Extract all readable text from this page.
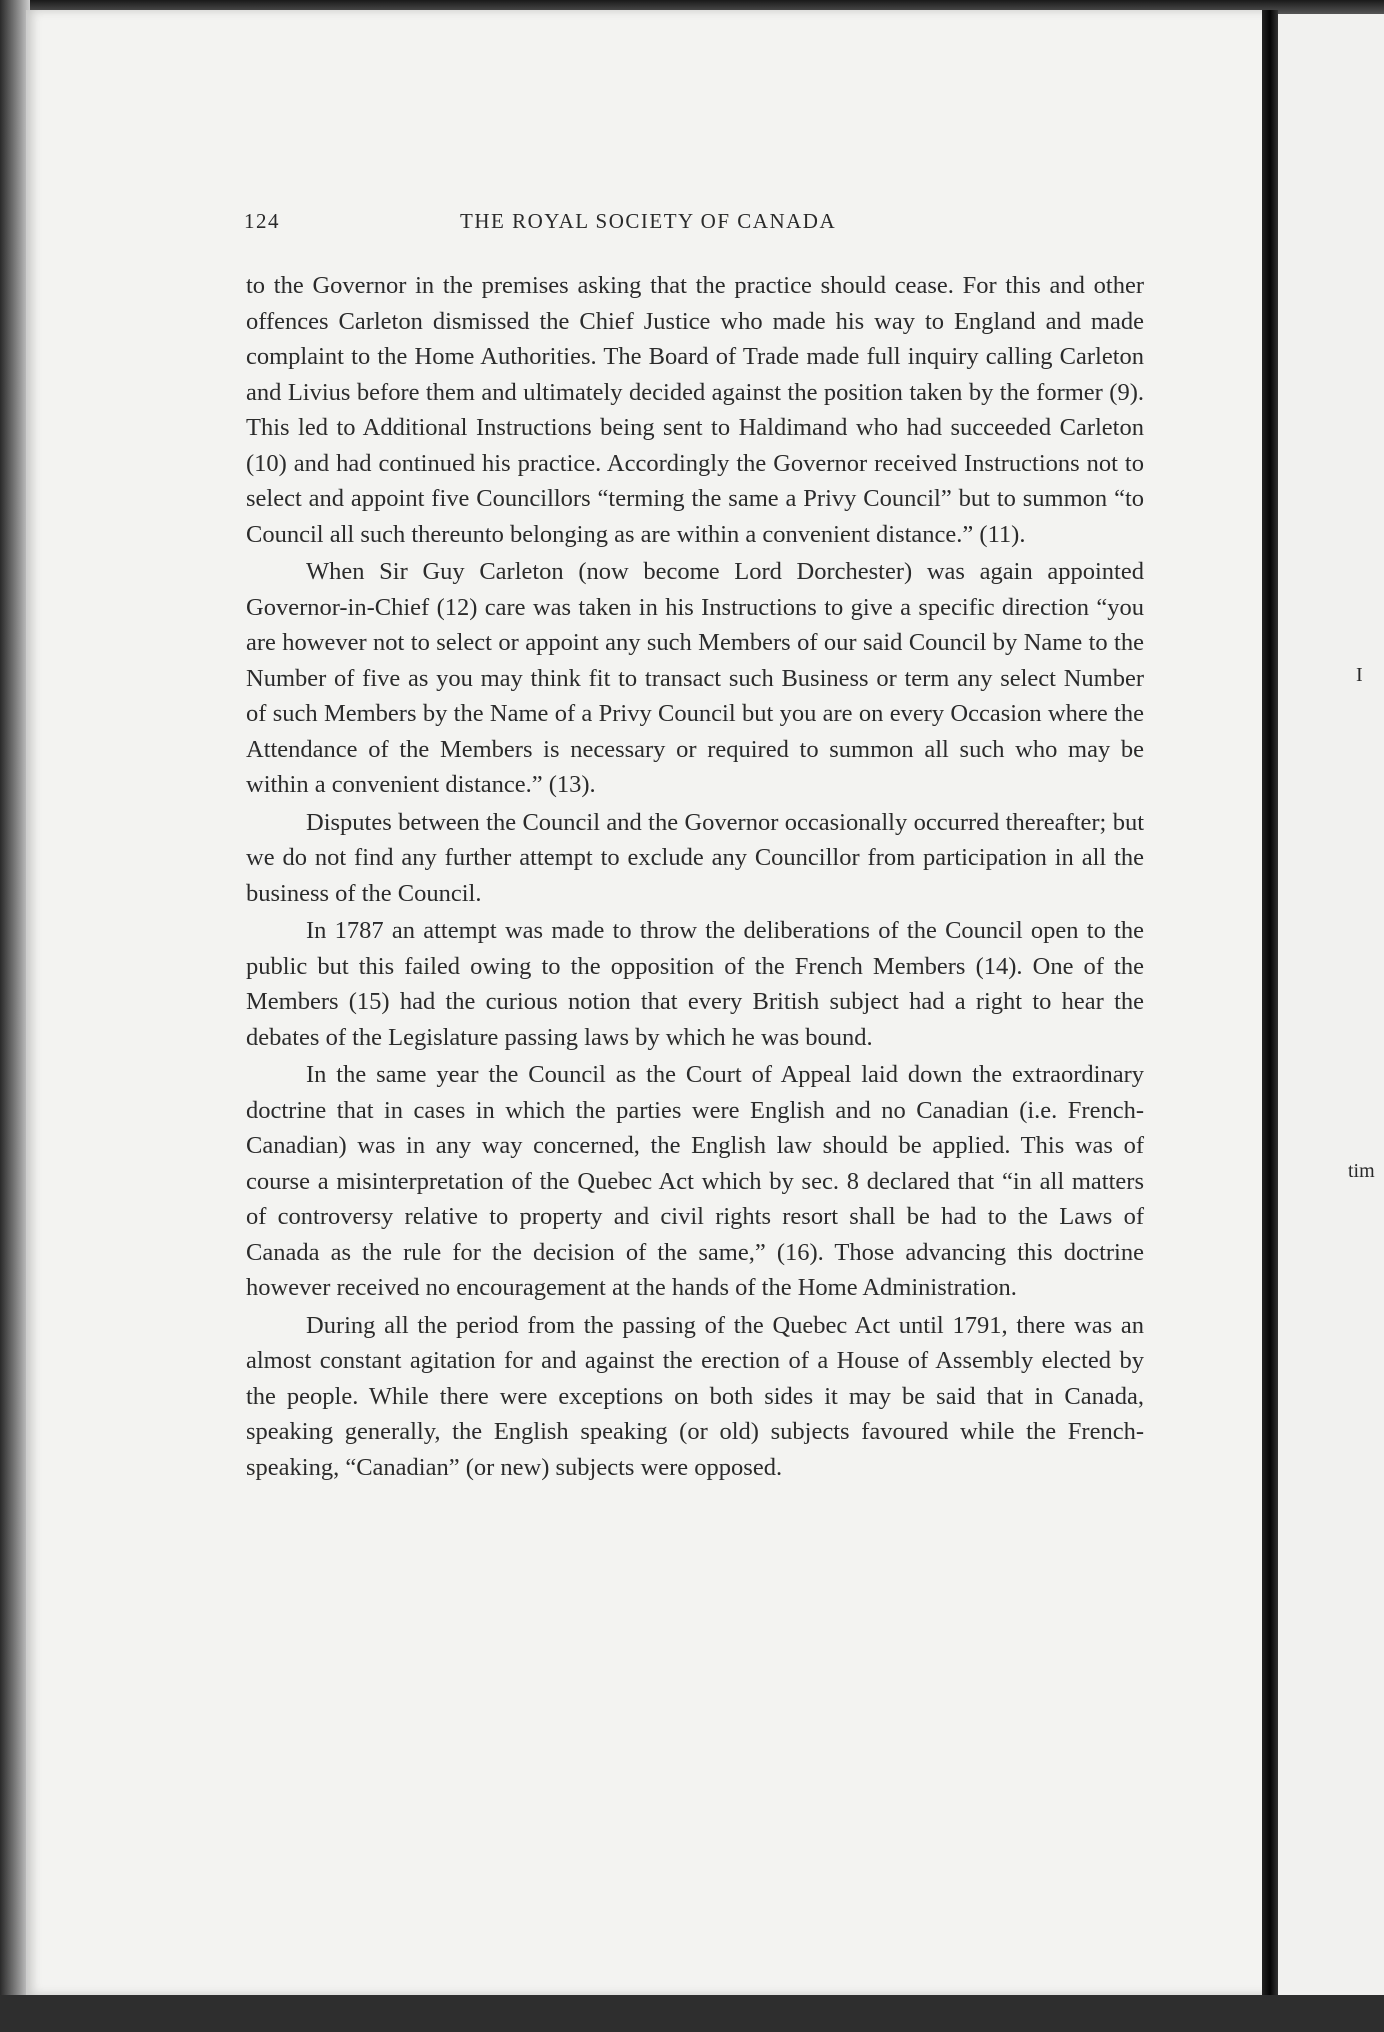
124	THE ROYAL SOCIETY OF CANADA

to the Governor in the premises asking that the practice should cease. For this and other offences Carleton dismissed the Chief Justice who made his way to England and made complaint to the Home Authorities. The Board of Trade made full inquiry calling Carleton and Livius before them and ultimately decided against the position taken by the former (9). This led to Additional Instructions being sent to Haldimand who had succeeded Carleton (10) and had continued his practice. Accordingly the Governor received Instructions not to select and appoint five Councillors “terming the same a Privy Council” but to summon “to Council all such thereunto belonging as are within a convenient distance.” (11).

When Sir Guy Carleton (now become Lord Dorchester) was again appointed Governor-in-Chief (12) care was taken in his Instructions to give a specific direction “you are however not to select or appoint any such Members of our said Council by Name to the Number of five as you may think fit to transact such Business or term any select Number of such Members by the Name of a Privy Council but you are on every Occasion where the Attendance of the Members is necessary or required to summon all such who may be within a convenient distance.” (13).

Disputes between the Council and the Governor occasionally occurred thereafter; but we do not find any further attempt to exclude any Councillor from participation in all the business of the Council.

In 1787 an attempt was made to throw the deliberations of the Council open to the public but this failed owing to the opposition of the French Members (14). One of the Members (15) had the curious notion that every British subject had a right to hear the debates of the Legislature passing laws by which he was bound.

In the same year the Council as the Court of Appeal laid down the extraordinary doctrine that in cases in which the parties were English and no Canadian (i.e. French-Canadian) was in any way concerned, the English law should be applied. This was of course a misinterpretation of the Quebec Act which by sec. 8 declared that “in all matters of controversy relative to property and civil rights resort shall be had to the Laws of Canada as the rule for the decision of the same,” (16). Those advancing this doctrine however received no encouragement at the hands of the Home Administration.

During all the period from the passing of the Quebec Act until 1791, there was an almost constant agitation for and against the erection of a House of Assembly elected by the people. While there were exceptions on both sides it may be said that in Canada, speaking generally, the English speaking (or old) subjects favoured while the French-speaking, “Canadian” (or new) subjects were opposed.

I
tim
